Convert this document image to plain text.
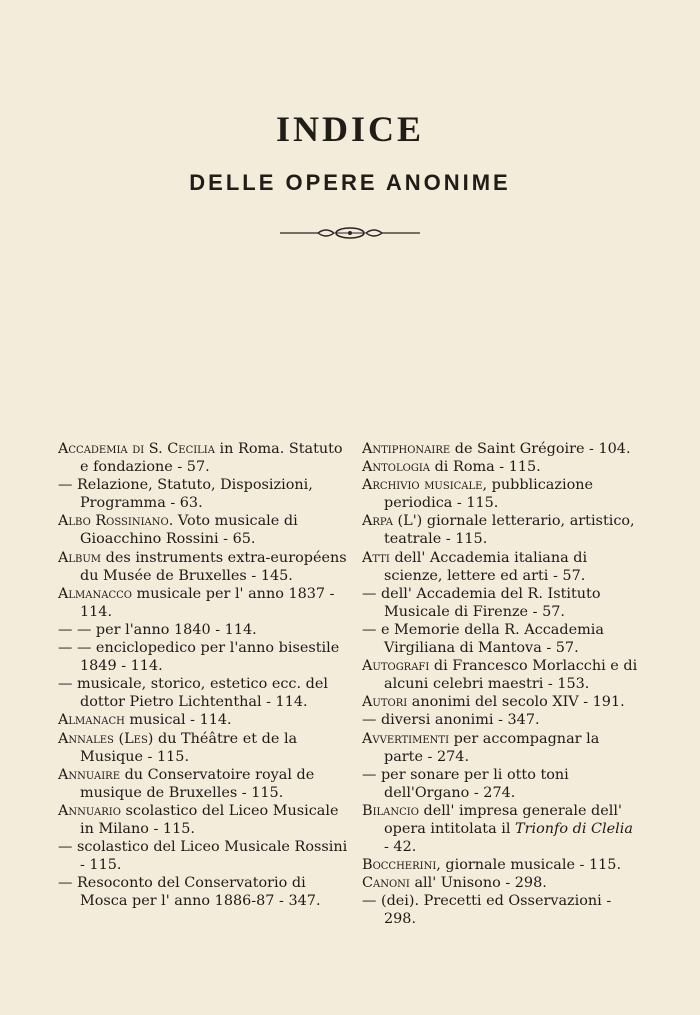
INDICE
DELLE OPERE ANONIME

Accademia di S. Cecilia in Roma. Statuto e fondazione - 57.

— Relazione, Statuto, Disposizioni, Programma - 63.

Albo Rossiniano. Voto musicale di Gioacchino Rossini - 65.

Album des instruments extra-européens du Musée de Bruxelles - 145.

Almanacco musicale per l' anno 1837 - 114.

— — per l'anno 1840 - 114.

— — enciclopedico per l'anno bisestile 1849 - 114.

— musicale, storico, estetico ecc. del dottor Pietro Lichtenthal - 114.

Almanach musical - 114.

Annales (Les) du Théâtre et de la Musique - 115.

Annuaire du Conservatoire royal de musique de Bruxelles - 115.

Annuario scolastico del Liceo Musicale in Milano - 115.

— scolastico del Liceo Musicale Rossini - 115.

— Resoconto del Conservatorio di Mosca per l' anno 1886-87 - 347.

Antiphonaire de Saint Grégoire - 104.

Antologia di Roma - 115.

Archivio musicale, pubblicazione periodica - 115.

Arpa (L') giornale letterario, artistico, teatrale - 115.

Atti dell' Accademia italiana di scienze, lettere ed arti - 57.

— dell' Accademia del R. Istituto Musicale di Firenze - 57.

— e Memorie della R. Accademia Virgiliana di Mantova - 57.

Autografi di Francesco Morlacchi e di alcuni celebri maestri - 153.

Autori anonimi del secolo XIV - 191.

— diversi anonimi - 347.

Avvertimenti per accompagnar la parte - 274.

— per sonare per li otto toni dell'Organo - 274.

Bilancio dell' impresa generale dell' opera intitolata il Trionfo di Clelia - 42.

Boccherini, giornale musicale - 115.

Canoni all' Unisono - 298.

— (dei). Precetti ed Osservazioni - 298.
